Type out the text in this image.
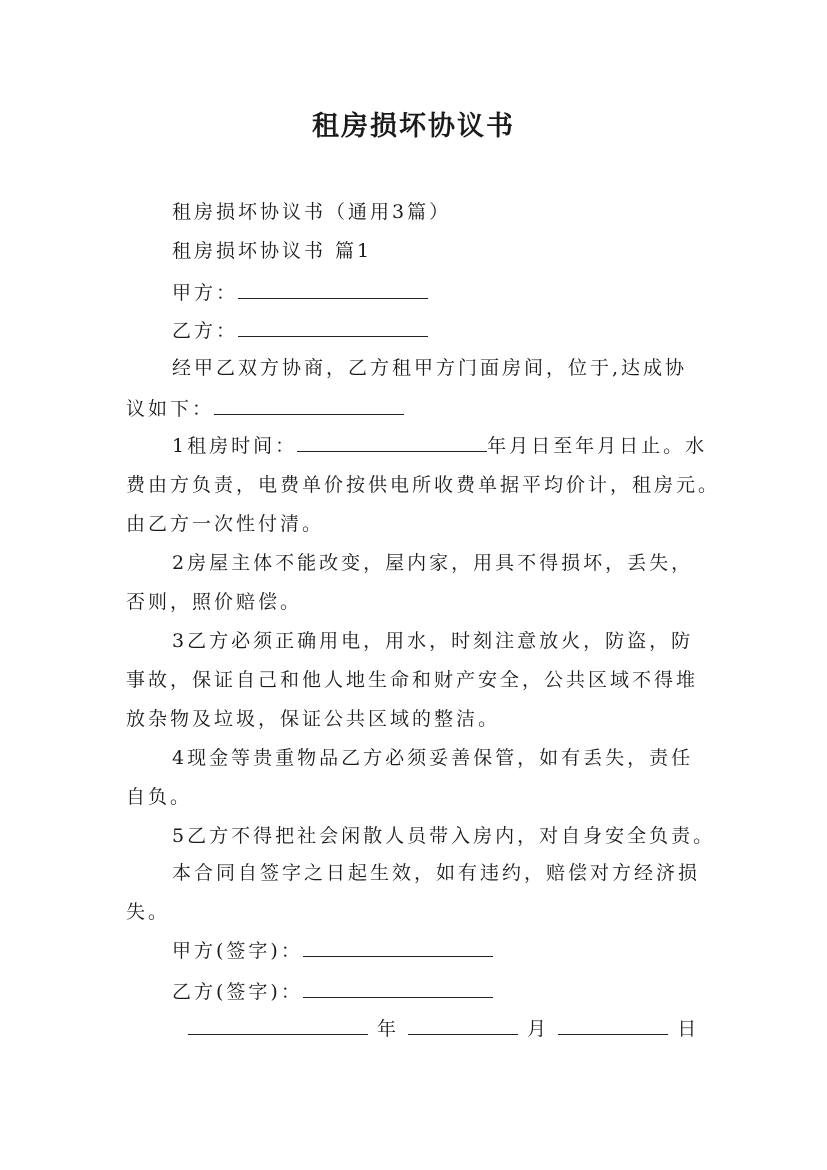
租房损坏协议书
租房损坏协议书（通用3篇）
租房损坏协议书 篇1
甲方：
乙方：
经甲乙双方协商，乙方租甲方门面房间，位于,达成协
议如下：
1租房时间：	年月日至年月日止。水
费由方负责，电费单价按供电所收费单据平均价计，租房元。
由乙方一次性付清。
2房屋主体不能改变，屋内家，用具不得损坏，丢失，
否则，照价赔偿。
3乙方必须正确用电，用水，时刻注意放火，防盗，防
事故，保证自己和他人地生命和财产安全，公共区域不得堆
放杂物及垃圾，保证公共区域的整洁。
4现金等贵重物品乙方必须妥善保管，如有丢失，责任
自负。
5乙方不得把社会闲散人员带入房内，对自身安全负责。
本合同自签字之日起生效，如有违约，赔偿对方经济损
失。
甲方(签字)：
乙方(签字)：
年	月	日
